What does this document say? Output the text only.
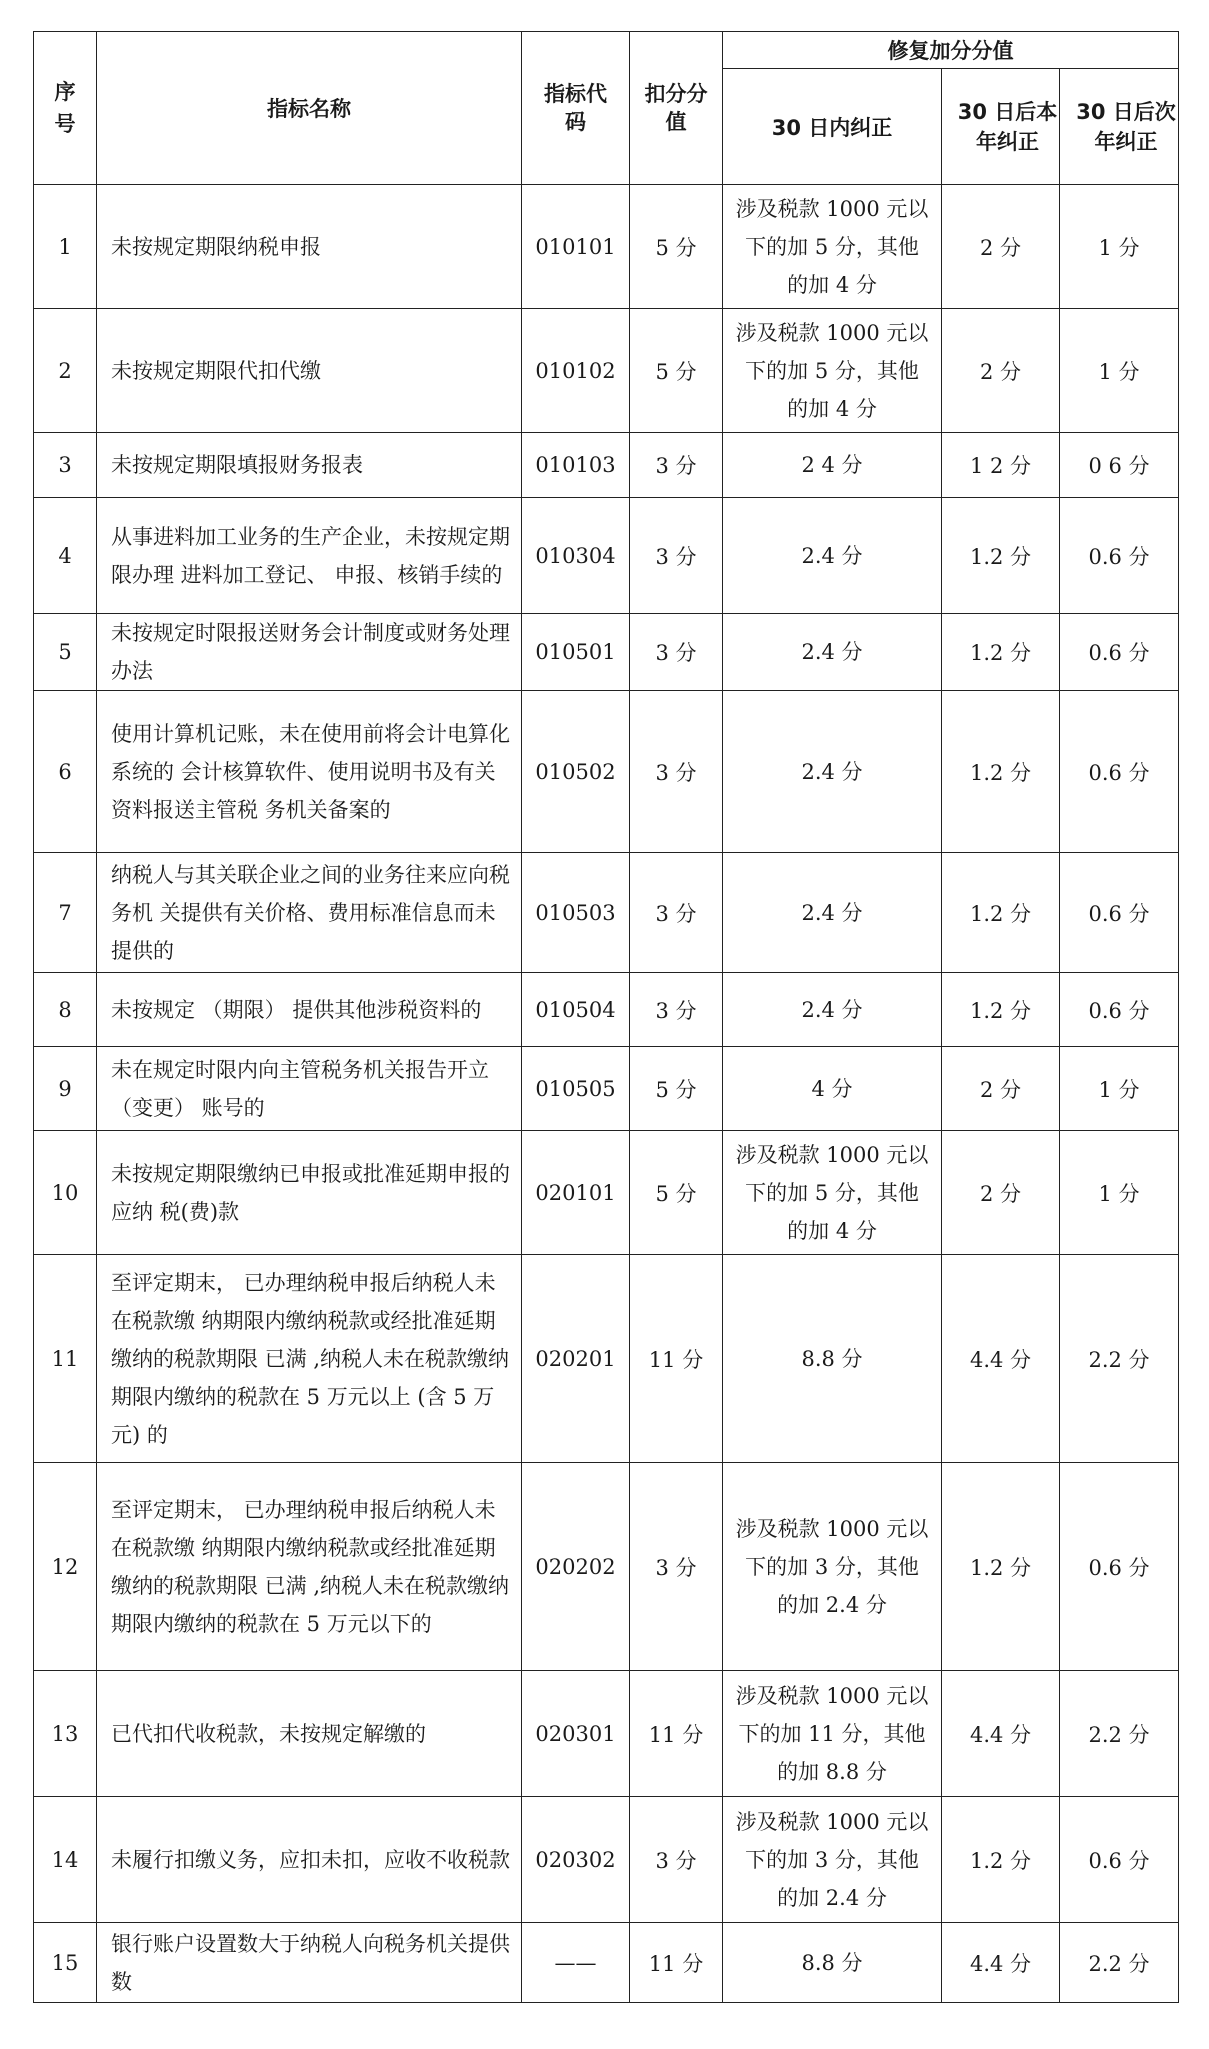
序号	指标名称	指标代码	扣分分值	修复加分分值		
				30 日内纠正	30 日后本年纠正	30 日后次年纠正
1	未按规定期限纳税申报	010101	5 分	涉及税款 1000 元以下的加 5 分，其他的加 4 分	2 分	1 分
2	未按规定期限代扣代缴	010102	5 分	涉及税款 1000 元以下的加 5 分，其他的加 4 分	2 分	1 分
3	未按规定期限填报财务报表	010103	3 分	2 4 分	1 2 分	0 6 分
4	从事进料加工业务的生产企业，未按规定期限办理 进料加工登记、 申报、核销手续的	010304	3 分	2.4 分	1.2 分	0.6 分
5	未按规定时限报送财务会计制度或财务处理办法	010501	3 分	2.4 分	1.2 分	0.6 分
6	使用计算机记账，未在使用前将会计电算化系统的 会计核算软件、使用说明书及有关资料报送主管税 务机关备案的	010502	3 分	2.4 分	1.2 分	0.6 分
7	纳税人与其关联企业之间的业务往来应向税务机 关提供有关价格、费用标准信息而未提供的	010503	3 分	2.4 分	1.2 分	0.6 分
8	未按规定 （期限） 提供其他涉税资料的	010504	3 分	2.4 分	1.2 分	0.6 分
9	未在规定时限内向主管税务机关报告开立 （变更） 账号的	010505	5 分	4 分	2 分	1 分
10	未按规定期限缴纳已申报或批准延期申报的应纳 税(费)款	020101	5 分	涉及税款 1000 元以下的加 5 分，其他的加 4 分	2 分	1 分
11	至评定期末， 已办理纳税申报后纳税人未在税款缴 纳期限内缴纳税款或经批准延期缴纳的税款期限 已满 ,纳税人未在税款缴纳期限内缴纳的税款在 5 万元以上 (含 5 万元) 的	020201	11 分	8.8 分	4.4 分	2.2 分
12	至评定期末， 已办理纳税申报后纳税人未在税款缴 纳期限内缴纳税款或经批准延期缴纳的税款期限 已满 ,纳税人未在税款缴纳期限内缴纳的税款在 5 万元以下的	020202	3 分	涉及税款 1000 元以下的加 3 分，其他的加 2.4 分	1.2 分	0.6 分
13	已代扣代收税款，未按规定解缴的	020301	11 分	涉及税款 1000 元以下的加 11 分，其他的加 8.8 分	4.4 分	2.2 分
14	未履行扣缴义务，应扣未扣，应收不收税款	020302	3 分	涉及税款 1000 元以下的加 3 分，其他的加 2.4 分	1.2 分	0.6 分
15	银行账户设置数大于纳税人向税务机关提供数	——	11 分	8.8 分	4.4 分	2.2 分
